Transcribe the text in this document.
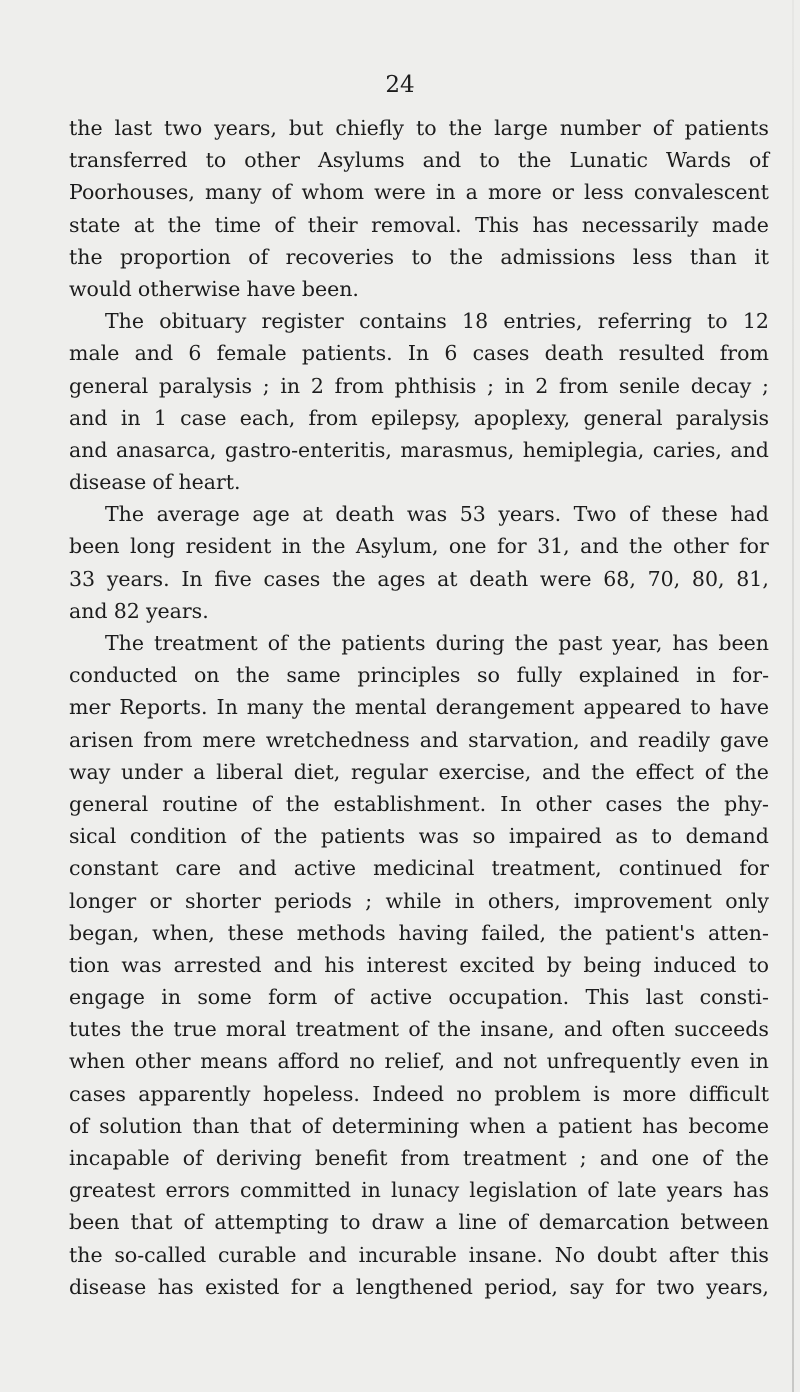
24
the last two years, but chiefly to the large number of patients
transferred to other Asylums and to the Lunatic Wards of
Poorhouses, many of whom were in a more or less convalescent
state at the time of their removal. This has necessarily made
the proportion of recoveries to the admissions less than it
would otherwise have been.
The obituary register contains 18 entries, referring to 12
male and 6 female patients. In 6 cases death resulted from
general paralysis ; in 2 from phthisis ; in 2 from senile decay ;
and in 1 case each, from epilepsy, apoplexy, general paralysis
and anasarca, gastro-enteritis, marasmus, hemiplegia, caries, and
disease of heart.
The average age at death was 53 years. Two of these had
been long resident in the Asylum, one for 31, and the other for
33 years. In five cases the ages at death were 68, 70, 80, 81,
and 82 years.
The treatment of the patients during the past year, has been
conducted on the same principles so fully explained in for-
mer Reports. In many the mental derangement appeared to have
arisen from mere wretchedness and starvation, and readily gave
way under a liberal diet, regular exercise, and the effect of the
general routine of the establishment. In other cases the phy-
sical condition of the patients was so impaired as to demand
constant care and active medicinal treatment, continued for
longer or shorter periods ; while in others, improvement only
began, when, these methods having failed, the patient's atten-
tion was arrested and his interest excited by being induced to
engage in some form of active occupation. This last consti-
tutes the true moral treatment of the insane, and often succeeds
when other means afford no relief, and not unfrequently even in
cases apparently hopeless. Indeed no problem is more difficult
of solution than that of determining when a patient has become
incapable of deriving benefit from treatment ; and one of the
greatest errors committed in lunacy legislation of late years has
been that of attempting to draw a line of demarcation between
the so-called curable and incurable insane. No doubt after this
disease has existed for a lengthened period, say for two years,
